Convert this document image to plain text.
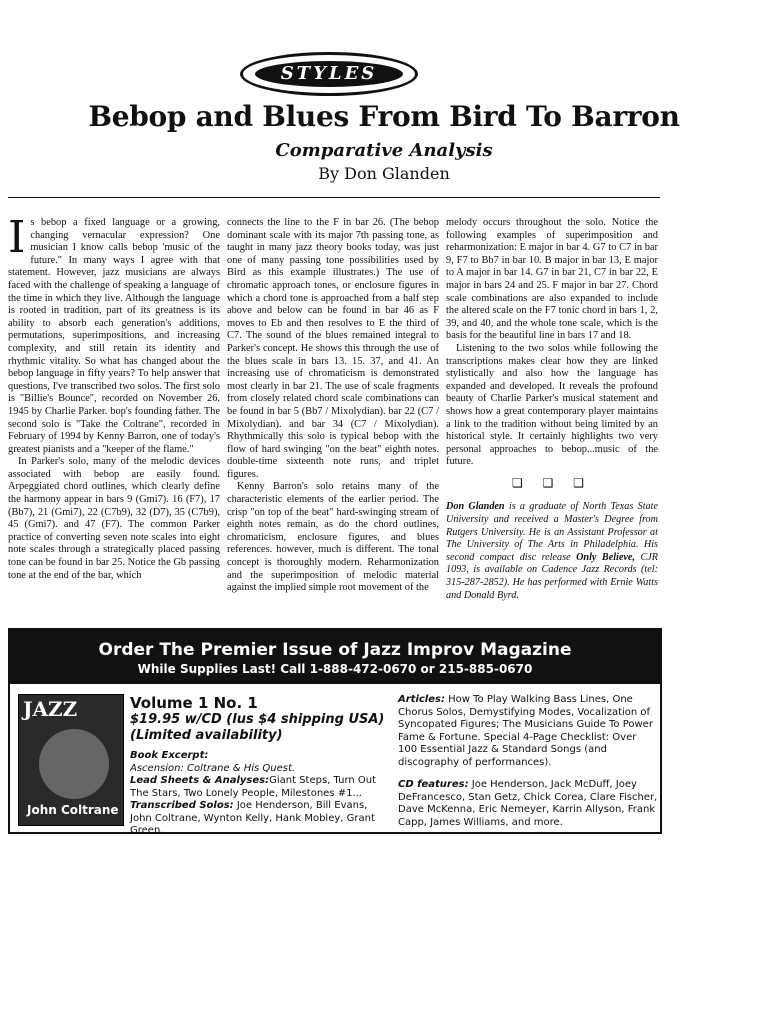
STYLES
Bebop and Blues From Bird To Barron
Comparative Analysis
By Don Glanden

Is bebop a fixed language or a growing, changing vernacular expression? One musician I know calls bebop 'music of the future." In many ways I agree with that statement. However, jazz musicians are always faced with the challenge of speaking a language of the time in which they live. Although the language is rooted in tradition, part of its greatness is its ability to absorb each generation's additions, permutations, superimpositions, and increasing complexity, and still retain its identity and rhythmic vitality. So what has changed about the bebop language in fifty years? To help answer that questions, I've transcribed two solos. The first solo is "Billie's Bounce", recorded on November 26. 1945 by Charlie Parker. bop's founding father. The second solo is "Take the Coltrane", recorded in February of 1994 by Kenny Barron, one of today's greatest pianists and a "keeper of the flame."

In Parker's solo, many of the melodic devices associated with bebop are easily found. Arpeggiated chord outlines, which clearly define the harmony appear in bars 9 (Gmi7). 16 (F7), 17 (Bb7), 21 (Gmi7), 22 (C7b9), 32 (D7), 35 (C7b9), 45 (Gmi7). and 47 (F7). The common Parker practice of converting seven note scales into eight note scales through a strategically placed passing tone can be found in bar 25. Notice the Gb passing tone at the end of the bar, which

connects the line to the F in bar 26. (The bebop dominant scale with its major 7th passing tone, as taught in many jazz theory books today, was just one of many passing tone possibilities used by Bird as this example illustrates.) The use of chromatic approach tones, or enclosure figures in which a chord tone is approached from a half step above and below can be found in bar 46 as F moves to Eb and then resolves to E the third of C7. The sound of the blues remained integral to Parker's concept. He shows this through the use of the blues scale in bars 13. 15. 37, and 41. An increasing use of chromaticism is demonstrated most clearly in bar 21. The use of scale fragments from closely related chord scale combinations can be found in bar 5 (Bb7 / Mixolydian). bar 22 (C7 / Mixolydian). and bar 34 (C7 / Mixolydian). Rhythmically this solo is typical bebop with the flow of hard swinging "on the beat" eighth notes. double-time sixteenth note runs, and triplet figures.

Kenny Barron's solo retains many of the characteristic elements of the earlier period. The crisp "on top of the beat" hard-swinging stream of eighth notes remain, as do the chord outlines, chromaticism, enclosure figures, and blues references. however, much is different. The tonal concept is thoroughly modern. Reharmonization and the superimposition of melodic material against the implied simple root movement of the

melody occurs throughout the solo. Notice the following examples of superimposition and reharmonization: E major in bar 4. G7 to C7 in bar 9, F7 to Bb7 in bar 10. B major in bar 13, E major to A major in bar 14. G7 in bar 21, C7 in bar 22, E major in bars 24 and 25. F major in bar 27. Chord scale combinations are also expanded to include the altered scale on the F7 tonic chord in bars 1, 2, 39, and 40, and the whole tone scale, which is the basis for the beautiful line in bars 17 and 18.

Listening to the two solos while following the transcriptions makes clear how they are linked stylistically and also how the language has expanded and developed. It reveals the profound beauty of Charlie Parker's musical statement and shows how a great contemporary player maintains a link to the tradition without being limited by an historical style. It certainly highlights two very personal approaches to bebop...music of the future.

❑ ❑ ❑

Don Glanden is a graduate of North Texas State University and received a Master's Degree from Rutgers University. He is an Assistant Professor at The University of The Arts in Philadelphia. His second compact disc release Only Believe, CJR 1093, is available on Cadence Jazz Records (tel: 315-287-2852). He has performed with Ernie Watts and Donald Byrd.

Order The Premier Issue of Jazz Improv Magazine
While Supplies Last! Call 1-888-472-0670 or 215-885-0670
JAZZ
John Coltrane
Volume 1 No. 1
$19.95 w/CD (lus $4 shipping USA)
(Limited availability)
Book Excerpt:
Ascension: Coltrane & His Quest.
Lead Sheets & Analyses:Giant Steps, Turn Out The Stars, Two Lonely People, Milestones #1...
Transcribed Solos: Joe Henderson, Bill Evans, John Coltrane, Wynton Kelly, Hank Mobley, Grant Green.
Articles: How To Play Walking Bass Lines, One Chorus Solos, Demystifying Modes, Vocalization of Syncopated Figures; The Musicians Guide To Power Fame & Fortune. Special 4-Page Checklist: Over 100 Essential Jazz & Standard Songs (and discography of performances).
CD features: Joe Henderson, Jack McDuff, Joey DeFrancesco, Stan Getz, Chick Corea, Clare Fischer, Dave McKenna, Eric Nemeyer, Karrin Allyson, Frank Capp, James Williams, and more.
